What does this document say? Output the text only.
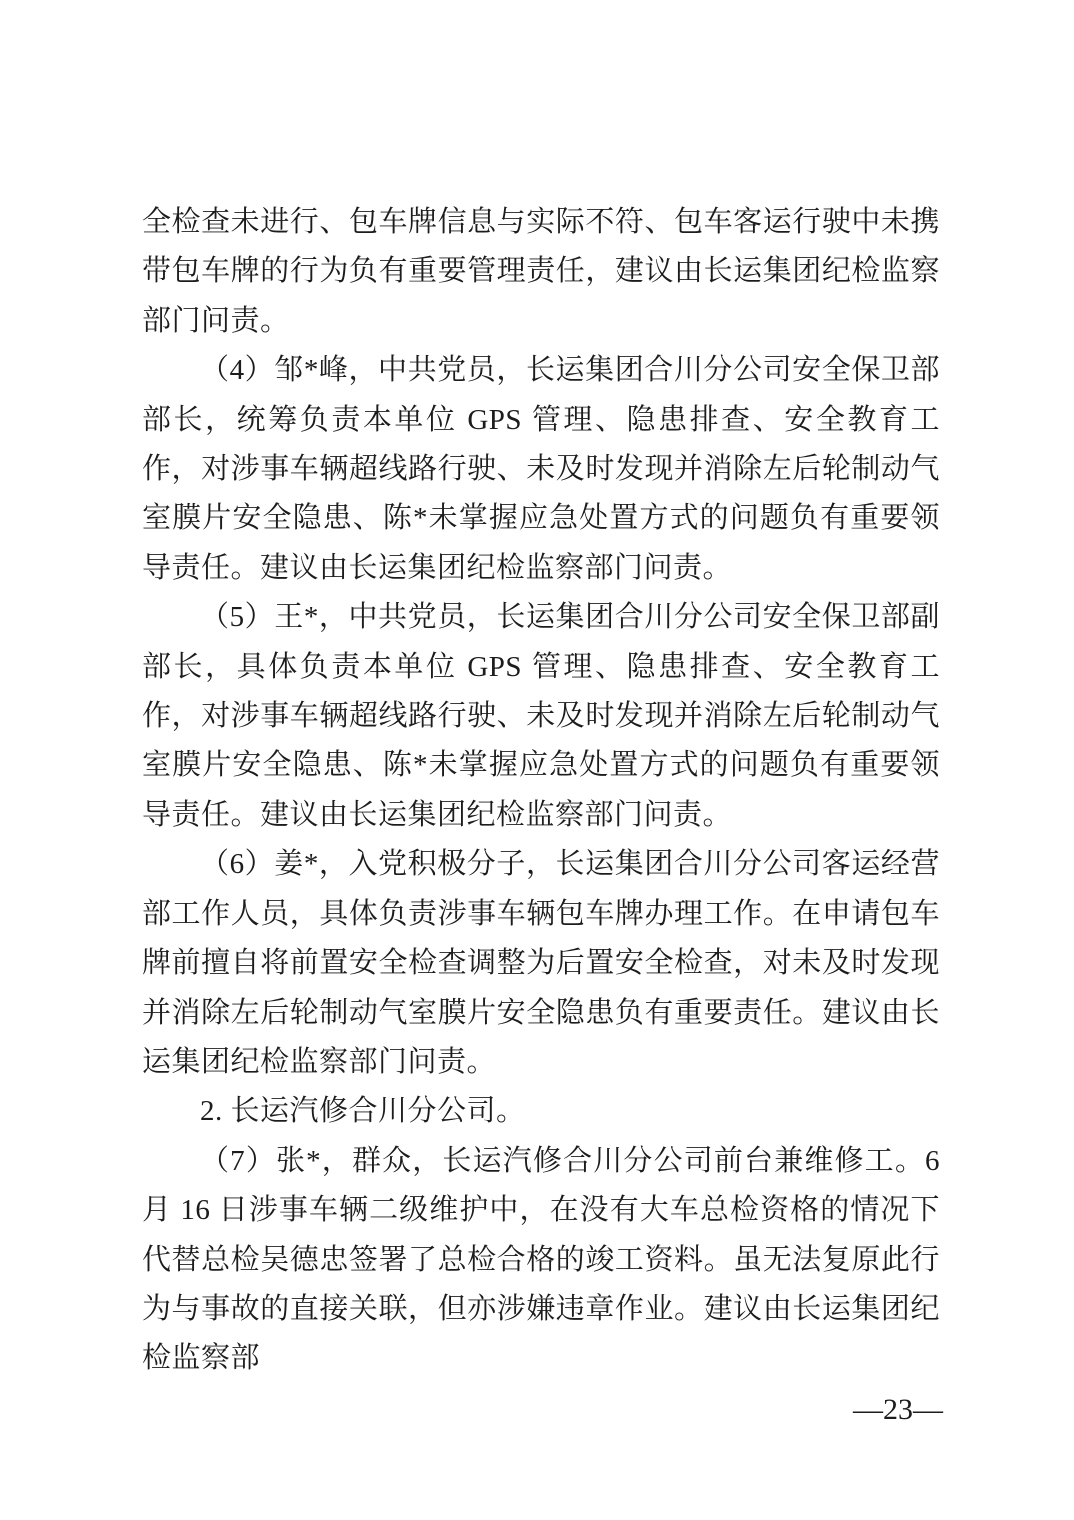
全检查未进行、包车牌信息与实际不符、包车客运行驶中未携带包车牌的行为负有重要管理责任，建议由长运集团纪检监察部门问责。

（4）邹*峰，中共党员，长运集团合川分公司安全保卫部部长，统筹负责本单位 GPS 管理、隐患排查、安全教育工作，对涉事车辆超线路行驶、未及时发现并消除左后轮制动气室膜片安全隐患、陈*未掌握应急处置方式的问题负有重要领导责任。建议由长运集团纪检监察部门问责。

（5）王*，中共党员，长运集团合川分公司安全保卫部副部长，具体负责本单位 GPS 管理、隐患排查、安全教育工作，对涉事车辆超线路行驶、未及时发现并消除左后轮制动气室膜片安全隐患、陈*未掌握应急处置方式的问题负有重要领导责任。建议由长运集团纪检监察部门问责。

（6）姜*，入党积极分子，长运集团合川分公司客运经营部工作人员，具体负责涉事车辆包车牌办理工作。在申请包车牌前擅自将前置安全检查调整为后置安全检查，对未及时发现并消除左后轮制动气室膜片安全隐患负有重要责任。建议由长运集团纪检监察部门问责。

2. 长运汽修合川分公司。

（7）张*，群众，长运汽修合川分公司前台兼维修工。6 月 16 日涉事车辆二级维护中，在没有大车总检资格的情况下代替总检吴德忠签署了总检合格的竣工资料。虽无法复原此行为与事故的直接关联，但亦涉嫌违章作业。建议由长运集团纪检监察部

—23—
